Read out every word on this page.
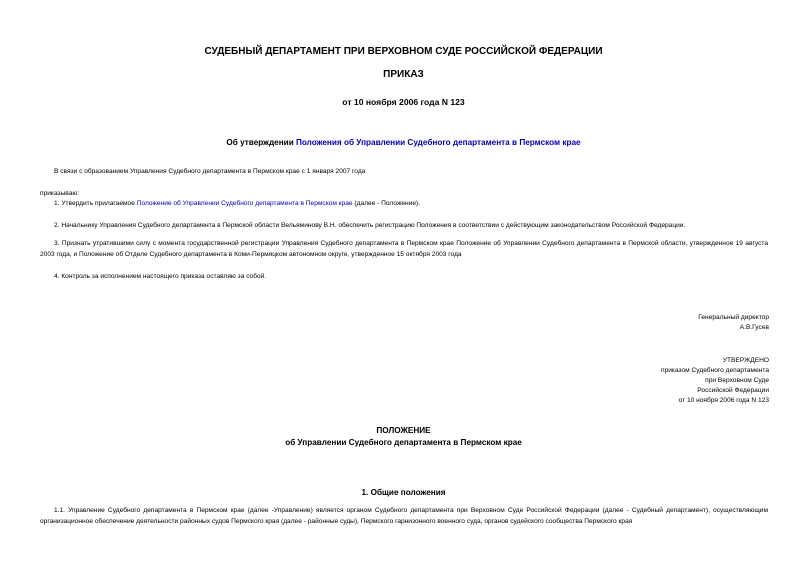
СУДЕБНЫЙ ДЕПАРТАМЕНТ ПРИ ВЕРХОВНОМ СУДЕ РОССИЙСКОЙ ФЕДЕРАЦИИ
ПРИКАЗ
от 10 ноября 2006 года N 123
Об утверждении Положения об Управлении Судебного департамента в Пермском крае
В связи с образованием Управления Судебного департамента в Пермском крае с 1 января 2007 года
приказываю:
1. Утвердить прилагаемое Положение об Управлении Судебного департамента в Пермском крае (далее - Положение).
2. Начальнику Управления Судебного департамента в Пермской области Вельяминову В.Н. обеспечить регистрацию Положения в соответствии с действующим законодательством Российской Федерации.
3. Признать утратившими силу с момента государственной регистрации Управления Судебного департамента в Пермском крае Положение об Управлении Судебного департамента в Пермской области, утвержденное 19 августа 2003 года, и Положение об Отделе Судебного департамента в Коми-Пермяцком автономном округе, утвержденное 15 октября 2003 года
4. Контроль за исполнением настоящего приказа оставляю за собой.
Генеральный директор
А.В.Гусев
УТВЕРЖДЕНО
приказом Судебного департамента
при Верховном Суде
Российской Федерации
от 10 ноября 2006 года N 123
ПОЛОЖЕНИЕ
об Управлении Судебного департамента в Пермском крае
1. Общие положения
1.1. Управление Судебного департамента в Пермском крае (далее -Управление) является органом Судебного департамента при Верховном Суде Российской Федерации (далее - Судебный департамент), осуществляющим организационное обеспечение деятельности районных судов Пермского края (далее - районные суды), Пермского гарнизонного военного суда, органов судейского сообщества Пермского края
